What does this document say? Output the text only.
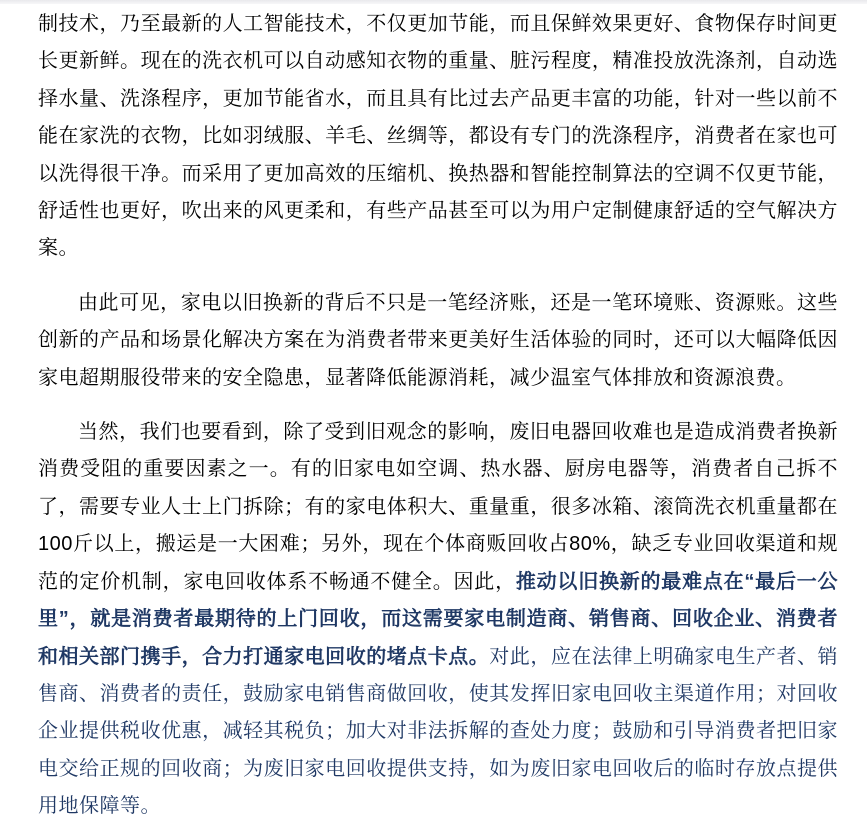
制技术，乃至最新的人工智能技术，不仅更加节能，而且保鲜效果更好、食物保存时间更长更新鲜。现在的洗衣机可以自动感知衣物的重量、脏污程度，精准投放洗涤剂，自动选择水量、洗涤程序，更加节能省水，而且具有比过去产品更丰富的功能，针对一些以前不能在家洗的衣物，比如羽绒服、羊毛、丝绸等，都设有专门的洗涤程序，消费者在家也可以洗得很干净。而采用了更加高效的压缩机、换热器和智能控制算法的空调不仅更节能，舒适性也更好，吹出来的风更柔和，有些产品甚至可以为用户定制健康舒适的空气解决方案。

由此可见，家电以旧换新的背后不只是一笔经济账，还是一笔环境账、资源账。这些创新的产品和场景化解决方案在为消费者带来更美好生活体验的同时，还可以大幅降低因家电超期服役带来的安全隐患，显著降低能源消耗，减少温室气体排放和资源浪费。

当然，我们也要看到，除了受到旧观念的影响，废旧电器回收难也是造成消费者换新消费受阻的重要因素之一。有的旧家电如空调、热水器、厨房电器等，消费者自己拆不了，需要专业人士上门拆除；有的家电体积大、重量重，很多冰箱、滚筒洗衣机重量都在100斤以上，搬运是一大困难；另外，现在个体商贩回收占80%，缺乏专业回收渠道和规范的定价机制，家电回收体系不畅通不健全。因此，推动以旧换新的最难点在“最后一公里”，就是消费者最期待的上门回收，而这需要家电制造商、销售商、回收企业、消费者和相关部门携手，合力打通家电回收的堵点卡点。对此，应在法律上明确家电生产者、销售商、消费者的责任，鼓励家电销售商做回收，使其发挥旧家电回收主渠道作用；对回收企业提供税收优惠，减轻其税负；加大对非法拆解的查处力度；鼓励和引导消费者把旧家电交给正规的回收商；为废旧家电回收提供支持，如为废旧家电回收后的临时存放点提供用地保障等。
